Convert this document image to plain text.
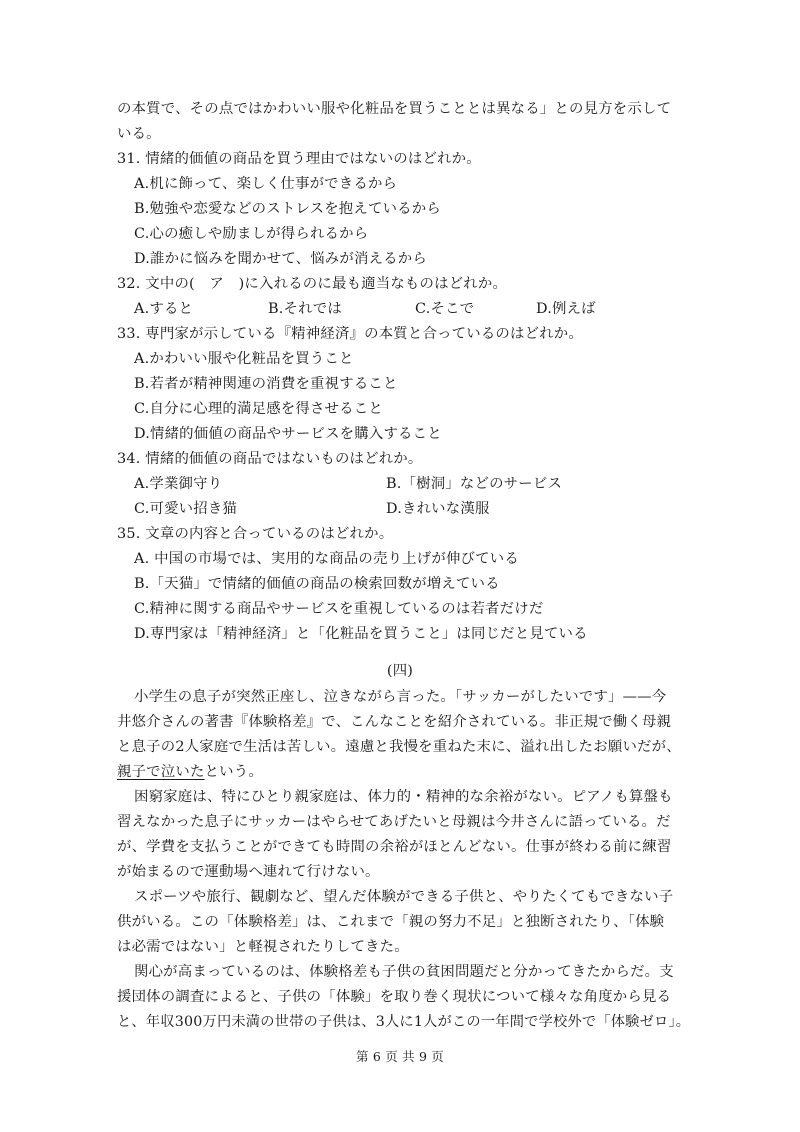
の本質で、その点ではかわいい服や化粧品を買うこととは異なる」との見方を示して
いる。
31. 情緒的価値の商品を買う理由ではないのはどれか。
A.机に飾って、楽しく仕事ができるから
B.勉強や恋愛などのストレスを抱えているから
C.心の癒しや励ましが得られるから
D.誰かに悩みを聞かせて、悩みが消えるから
32. 文中の(　ア　)に入れるのに最も適当なものはどれか。
A.すると	B.それでは	C.そこで	D.例えば
33. 専門家が示している『精神経済』の本質と合っているのはどれか。
A.かわいい服や化粧品を買うこと
B.若者が精神関連の消費を重視すること
C.自分に心理的満足感を得させること
D.情緒的価値の商品やサービスを購入すること
34. 情緒的価値の商品ではないものはどれか。
A.学業御守り	B.「樹洞」などのサービス
C.可愛い招き猫	D.きれいな漢服
35. 文章の内容と合っているのはどれか。
A. 中国の市場では、実用的な商品の売り上げが伸びている
B.「天猫」で情緒的価値の商品の検索回数が増えている
C.精神に関する商品やサービスを重視しているのは若者だけだ
D.専門家は「精神経済」と「化粧品を買うこと」は同じだと見ている
(四)
小学生の息子が突然正座し、泣きながら言った。「サッカーがしたいです」——今
井悠介さんの著書『体験格差』で、こんなことを紹介されている。非正規で働く母親
と息子の2人家庭で生活は苦しい。遠慮と我慢を重ねた末に、溢れ出したお願いだが、
親子で泣いたという。
困窮家庭は、特にひとり親家庭は、体力的・精神的な余裕がない。ピアノも算盤も
習えなかった息子にサッカーはやらせてあげたいと母親は今井さんに語っている。だ
が、学費を支払うことができても時間の余裕がほとんどない。仕事が終わる前に練習
が始まるので運動場へ連れて行けない。
スポーツや旅行、観劇など、望んだ体験ができる子供と、やりたくてもできない子
供がいる。この「体験格差」は、これまで「親の努力不足」と独断されたり、「体験
は必需ではない」と軽視されたりしてきた。
関心が高まっているのは、体験格差も子供の貧困問題だと分かってきたからだ。支
援団体の調査によると、子供の「体験」を取り巻く現状について様々な角度から見る
と、年収300万円未満の世帯の子供は、3人に1人がこの一年間で学校外で「体験ゼロ」。
第 6 页 共 9 页
